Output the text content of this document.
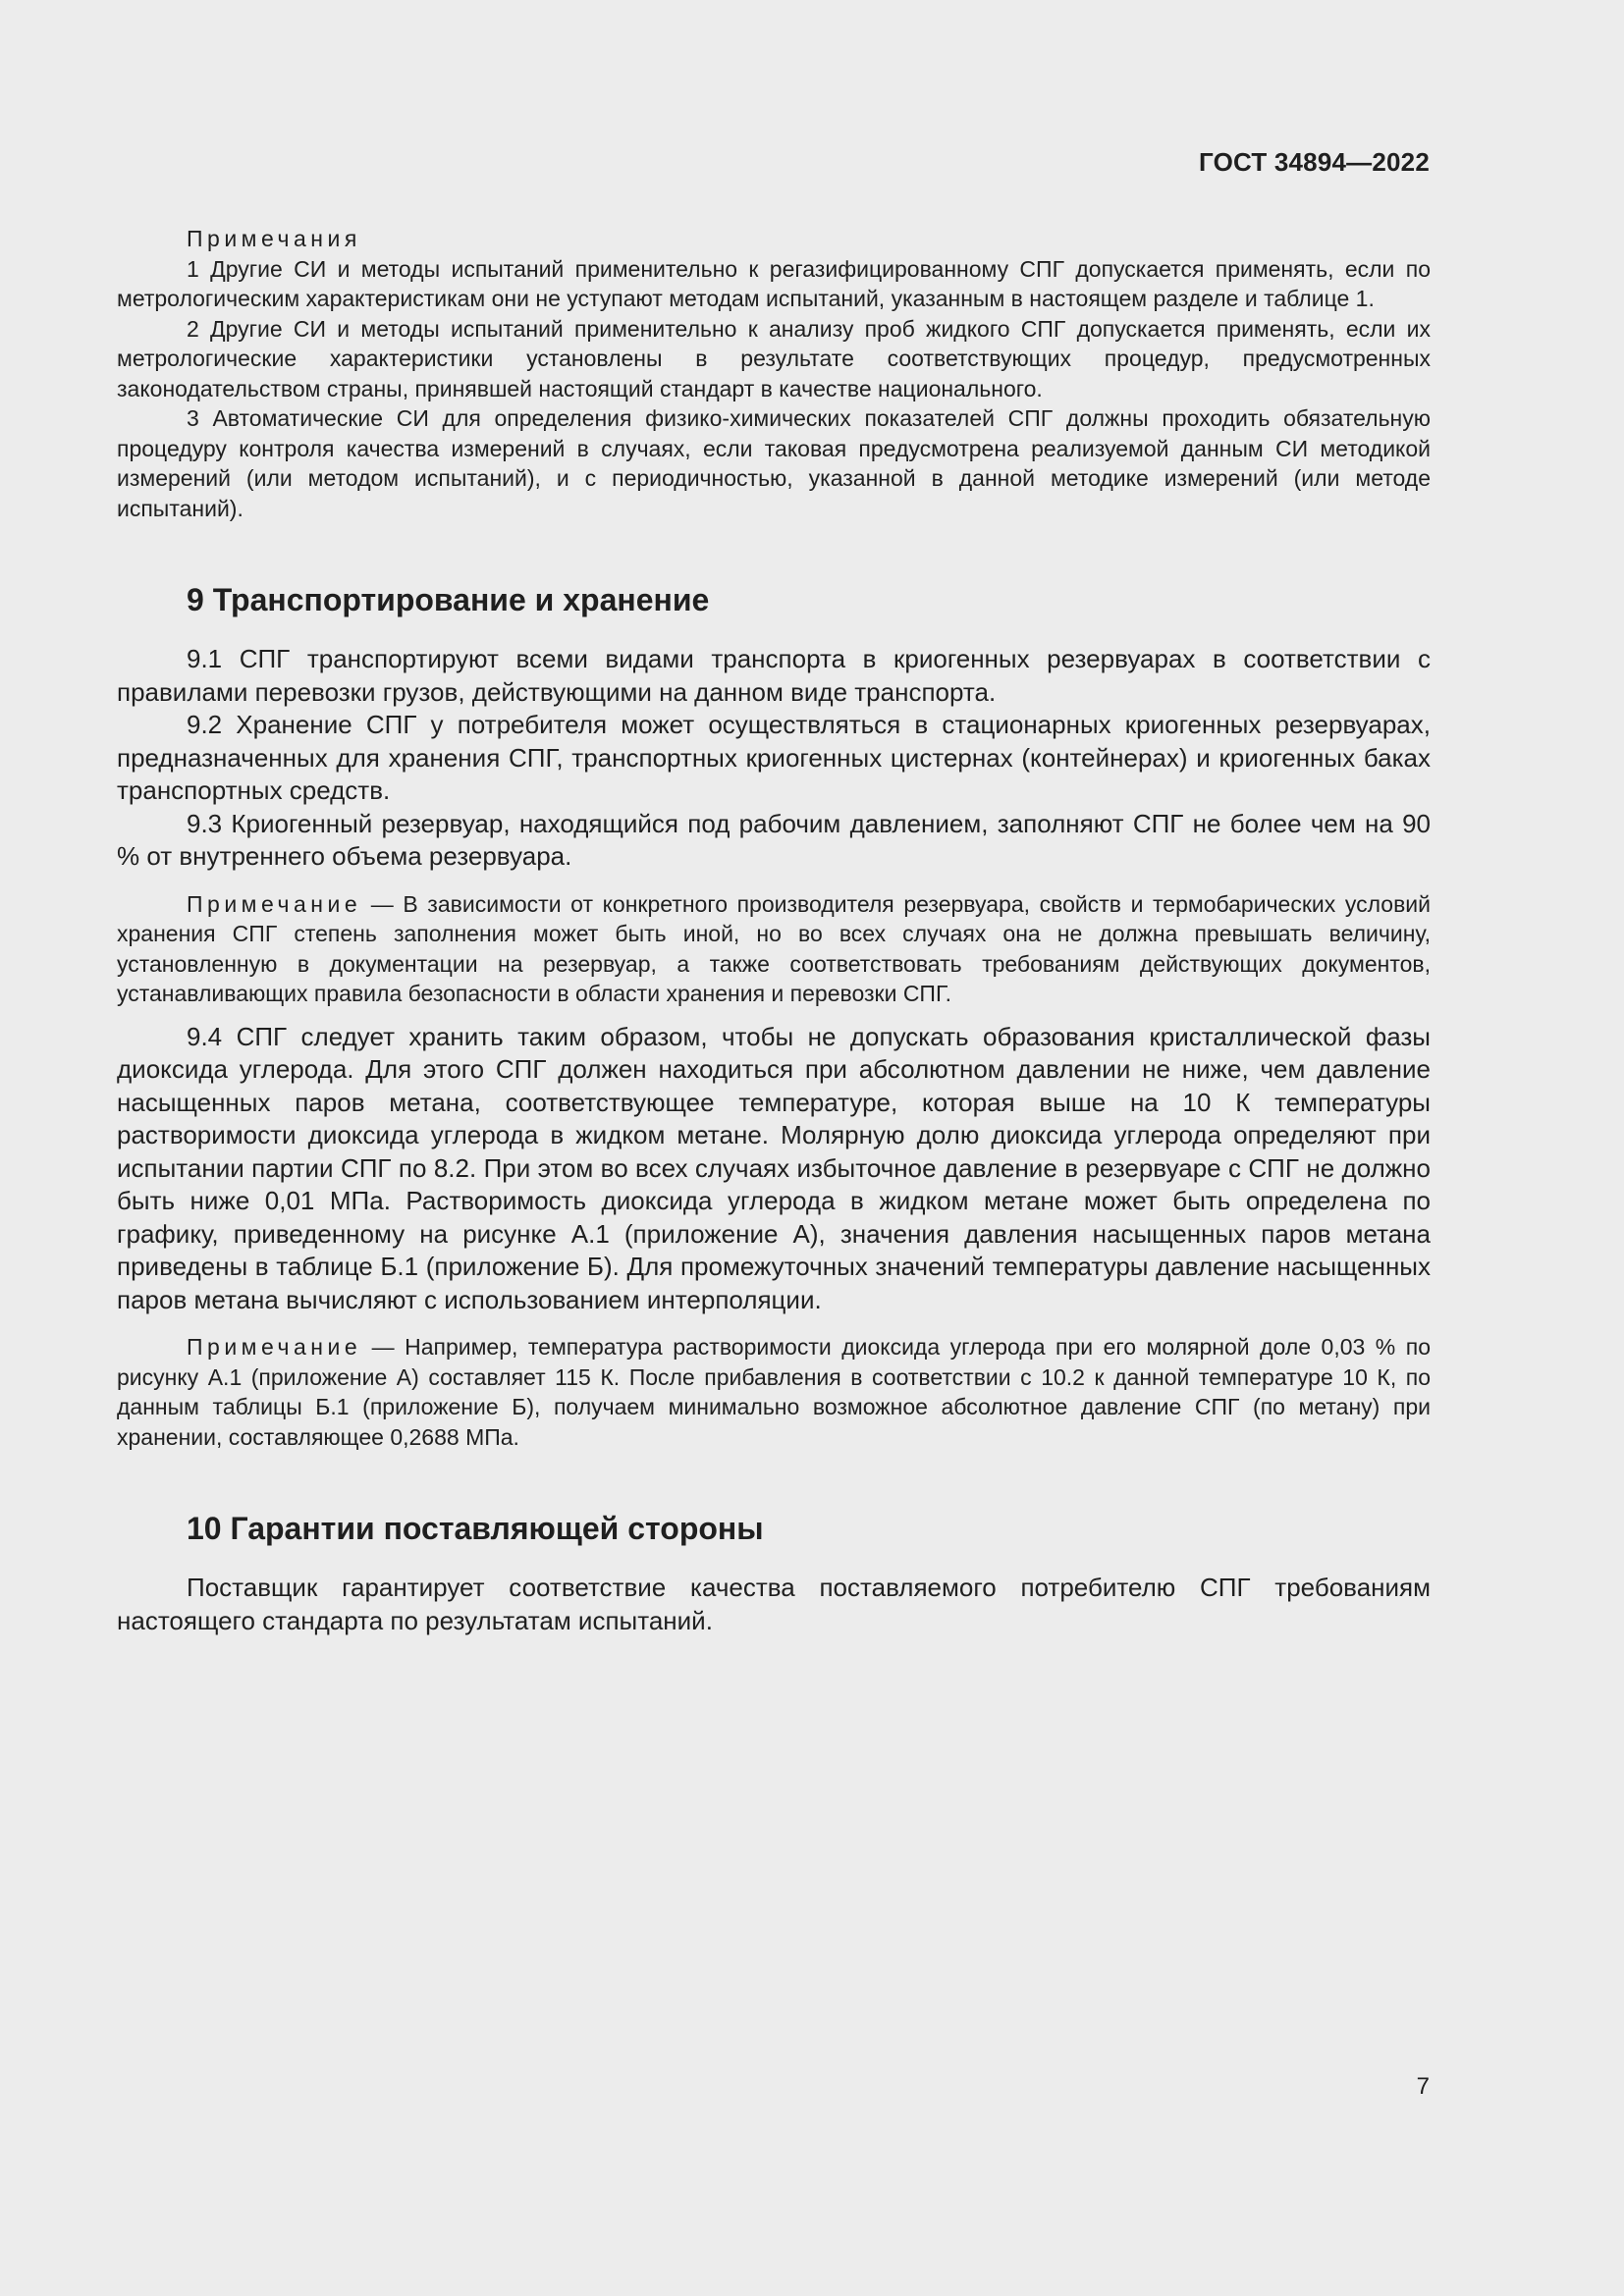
ГОСТ 34894—2022
Примечания

1 Другие СИ и методы испытаний применительно к регазифицированному СПГ допускается применять, если по метрологическим характеристикам они не уступают методам испытаний, указанным в настоящем разделе и таблице 1.

2 Другие СИ и методы испытаний применительно к анализу проб жидкого СПГ допускается применять, если их метрологические характеристики установлены в результате соответствующих процедур, предусмотренных законодательством страны, принявшей настоящий стандарт в качестве национального.

3 Автоматические СИ для определения физико-химических показателей СПГ должны проходить обязательную процедуру контроля качества измерений в случаях, если таковая предусмотрена реализуемой данным СИ методикой измерений (или методом испытаний), и с периодичностью, указанной в данной методике измерений (или методе испытаний).

9 Транспортирование и хранение

9.1 СПГ транспортируют всеми видами транспорта в криогенных резервуарах в соответствии с правилами перевозки грузов, действующими на данном виде транспорта.

9.2 Хранение СПГ у потребителя может осуществляться в стационарных криогенных резервуарах, предназначенных для хранения СПГ, транспортных криогенных цистернах (контейнерах) и криогенных баках транспортных средств.

9.3 Криогенный резервуар, находящийся под рабочим давлением, заполняют СПГ не более чем на 90 % от внутреннего объема резервуара.

Примечание — В зависимости от конкретного производителя резервуара, свойств и термобарических условий хранения СПГ степень заполнения может быть иной, но во всех случаях она не должна превышать величину, установленную в документации на резервуар, а также соответствовать требованиям действующих документов, устанавливающих правила безопасности в области хранения и перевозки СПГ.

9.4 СПГ следует хранить таким образом, чтобы не допускать образования кристаллической фазы диоксида углерода. Для этого СПГ должен находиться при абсолютном давлении не ниже, чем давление насыщенных паров метана, соответствующее температуре, которая выше на 10 К температуры растворимости диоксида углерода в жидком метане. Молярную долю диоксида углерода определяют при испытании партии СПГ по 8.2. При этом во всех случаях избыточное давление в резервуаре с СПГ не должно быть ниже 0,01 МПа. Растворимость диоксида углерода в жидком метане может быть определена по графику, приведенному на рисунке А.1 (приложение А), значения давления насыщенных паров метана приведены в таблице Б.1 (приложение Б). Для промежуточных значений температуры давление насыщенных паров метана вычисляют с использованием интерполяции.

Примечание — Например, температура растворимости диоксида углерода при его молярной доле 0,03 % по рисунку А.1 (приложение А) составляет 115 К. После прибавления в соответствии с 10.2 к данной температуре 10 К, по данным таблицы Б.1 (приложение Б), получаем минимально возможное абсолютное давление СПГ (по метану) при хранении, составляющее 0,2688 МПа.

10 Гарантии поставляющей стороны

Поставщик гарантирует соответствие качества поставляемого потребителю СПГ требованиям настоящего стандарта по результатам испытаний.

7
